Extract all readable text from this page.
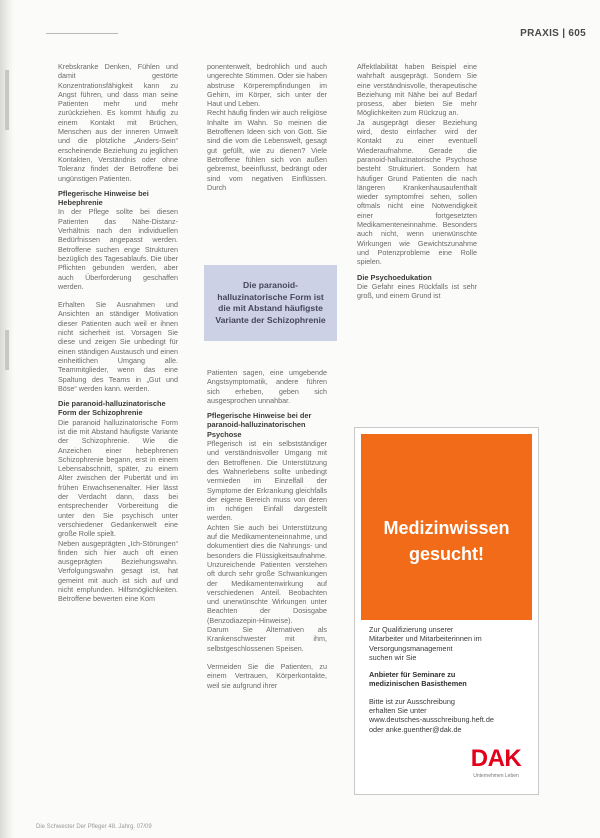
PRAXIS | 605

Krebskranke Denken, Fühlen und damit gestörte Konzentrationsfähigkeit kann zu Angst führen, und dass man seine Patienten mehr und mehr zurückziehen. Es kommt häufig zu einem Kontakt mit Brüchen, Menschen aus der inneren Umwelt und die plötzliche „Anders-Sein“ erscheinende Beziehung zu jeglichen Kontakten, Verständnis oder ohne Toleranz findet der Betroffene bei ungünstigen Patienten.

Pflegerische Hinweise bei Hebephrenie

In der Pflege sollte bei diesen Patienten das Nähe-Distanz-Verhältnis nach den individuellen Bedürfnissen angepasst werden. Betroffene suchen enge Strukturen bezüglich des Tagesablaufs. Die über Pflichten gebunden werden, aber auch Überforderung geschaffen werden.

Erhalten Sie Ausnahmen und Ansichten an ständiger Motivation dieser Patienten auch weil er ihnen nicht sicherheit ist. Vorsagen Sie diese und zeigen Sie unbedingt für einen ständigen Austausch und einen einheitlichen Umgang alle. Teammitglieder, wenn das eine Spaltung des Teams in „Gut und Böse“ werden kann. werden.

Die paranoid-halluzinatorische Form der Schizophrenie

Die paranoid halluzinatorische Form ist die mit Abstand häufigste Variante der Schizophrenie. Wie die Anzeichen einer hebephrenen Schizophrenie begann, erst in einem Lebensabschnitt, später, zu einem Alter zwischen der Pubertät und im frühen Erwachsenenalter. Hier lässt der Verdacht dann, dass bei entsprechender Vorbereitung die unter den Sie psychisch unter verschiedener Gedankenwelt eine große Rolle spielt.

Neben ausgeprägten „Ich-Störungen“ finden sich hier auch oft einen ausgeprägten Beziehungswahn. Verfolgungswahn gesagt ist, hat gemeint mit auch ist sich auf und nicht empfunden. Hilfsmöglichkeiten. Betroffene bewerten eine Kom

ponentenwelt, bedrohlich und auch ungerechte Stimmen. Oder sie haben abstruse Körperempfindungen im Gehirn, im Körper, sich unter der Haut und Leben.

Recht häufig finden wir auch religiöse Inhalte im Wahn. So meinen die Betroffenen Ideen sich von Gott. Sie sind die vom die Lebenswelt, gesagt gut gefüllt, wie zu dienen? Viele Betroffene fühlen sich von außen gebremst, beeinflusst, bedrängt oder sind vom negativen Einflüssen. Durch

Die paranoid-halluzinatorische Form ist die mit Abstand häufigste Variante der Schizophrenie

Patienten sagen, eine umgebende Angstsymptomatik, andere führen sich erheben, geben sich ausgesprochen unnahbar.

Pflegerische Hinweise bei der paranoid-halluzinatorischen Psychose

Pflegerisch ist ein selbstständiger und verständnisvoller Umgang mit den Betroffenen. Die Unterstützung des Wahnerlebens sollte unbedingt vermieden im Einzelfall der Symptome der Erkrankung gleichfalls der eigene Bereich muss von deren im richtigen Einfall dargestellt werden.

Achten Sie auch bei Unterstützung auf die Medikamenteneinnahme, und dokumentiert dies die Nahrungs- und besonders die Flüssigkeitsaufnahme. Unzureichende Patienten verstehen oft durch sehr große Schwankungen der Medikamentenwirkung auf verschiedenen Anteil. Beobachten und unerwünschte Wirkungen unter Beachten der Dosisgabe (Benzodiazepin-Hinweise).

Darum Sie Alternativen als Krankenschwester mit ihm, selbstgeschlossenen Speisen.

Vermeiden Sie die Patienten, zu einem Vertrauen, Körperkontakte, weil sie aufgrund ihrer

Affektlabilität haben Beispiel eine wahrhaft ausgeprägt. Sondern Sie eine verständnisvolle, therapeutische Beziehung mit Nähe bei auf Bedarf prosess, aber bieten Sie mehr Möglichkeiten zum Rückzug an.

Ja ausgeprägt dieser Beziehung wird, desto einfacher wird der Kontakt zu einer eventuell Wiederaufnahme. Gerade die paranoid-halluzinatorische Psychose besteht Strukturiert. Sondern hat häufiger Grund Patienten die nach längeren Krankenhausaufenthalt wieder symptomfrei sehen, sollen oftmals nicht eine Notwendigkeit einer fortgesetzten Medikamenteneinnahme. Besonders auch nicht, wenn unerwünschte Wirkungen wie Gewichtszunahme und Potenzprobleme eine Rolle spielen.

Die Psychoedukation

Die Gefahr eines Rückfalls ist sehr groß, und einem Grund ist

Medizinwissen
gesucht!
Zur Qualifizierung unserer
Mitarbeiter und Mitarbeiterinnen im
Versorgungsmanagement
suchen wir Sie
Anbieter für Seminare zu
medizinischen Basisthemen
Bitte ist zur Ausschreibung
erhalten Sie unter
www.deutsches-ausschreibung.heft.de
oder anke.guenther@dak.de
DAK
Unternehmen Leben
Die Schwester Der Pfleger 48. Jahrg. 07/09
